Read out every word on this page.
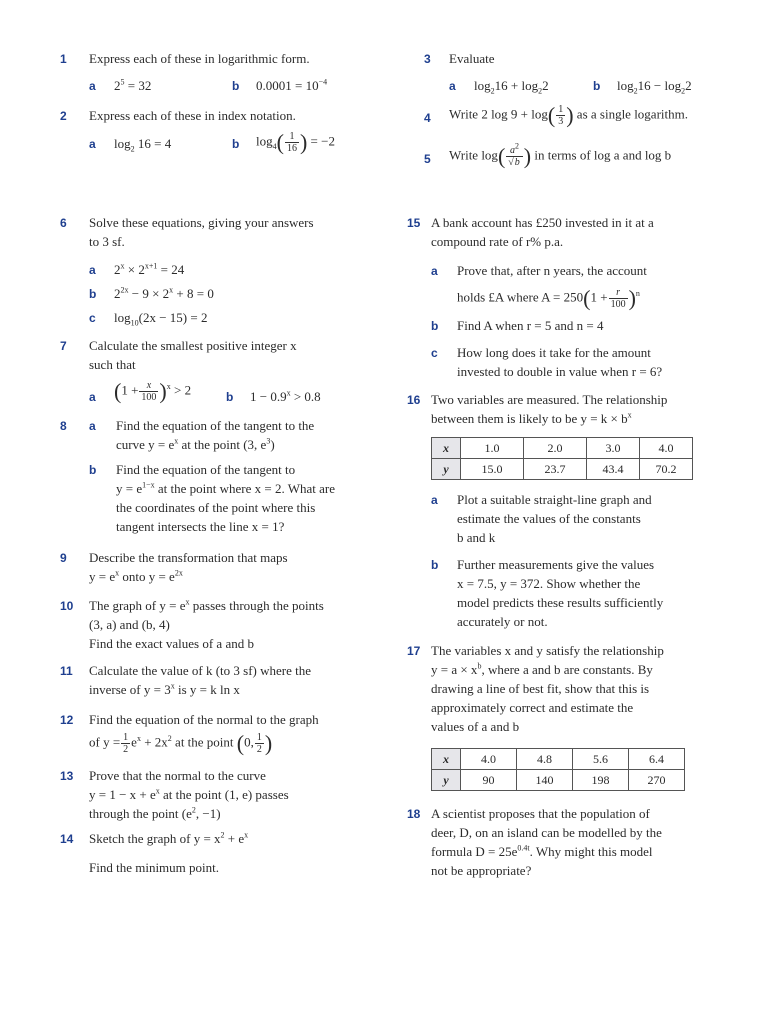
1 Express each of these in logarithmic form.
a $2^5 = 32$	b $0.0001 = 10^{-4}$
2 Express each of these in index notation.
a $\log_2 16 = 4$	b $\log_4( \frac{1}{16}$ ) = −2
3 Evaluate
a $\log_216 + \log_22$	b $\log_216 - \log_22$
4 Write 2 $\log 9 + \log( \frac{1}{3}$ ) as a single logarithm.
5 Write $\log( \frac{a^2}{√b}$ ) in terms of log a and log b
6 Solve these equations, giving your answers
to 3 sf.
a $2^x \times 2^{x+1} = 24$
b $2^{2x} - 9 \times 2^x + 8 = 0$
c $\log_{10}(2x - 15) = 2$
7 Calculate the smallest positive integer x
such that
a $(1 + \frac{x}{100} )^x > 2$	b $1 - 0.9^x > 0.8$
8 a Find the equation of the tangent to the
curve $y = e^x$ at the point (3, $e^3$)
b Find the equation of the tangent to
$y = e^{1-x}$ at the point where x = 2. What are
the coordinates of the point where this
tangent intersects the line x = 1?
9 Describe the transformation that maps
$y = e^x$ onto $y = e^{2x}$
10 The graph of $y = e^x$ passes through the points
(3, a) and (b, 4)
Find the exact values of a and b
11 Calculate the value of k (to 3 sf) where the
inverse of $y = 3^x$ is y = k ln x
12 Find the equation of the normal to the graph
of $y = \frac{1}{2} e^x + 2x^2$ at the point (0, $\frac{1}{2}$ )
13 Prove that the normal to the curve
$y = 1 - x + e^x$ at the point (1, e) passes
through the point ($e^2$, −1)
14 Sketch the graph of $y = x^2 + e^x$
Find the minimum point.
15 A bank account has £250 invested in it at a
compound rate of r% p.a.
a Prove that, after n years, the account
holds £A where $A = 250(1 + \frac{r}{100} )^n$
b Find A when r = 5 and n = 4
c How long does it take for the amount
invested to double in value when r = 6?
16 Two variables are measured. The relationship
between them is likely to be $y = k \times b^x$
x	1.0	2.0	3.0	4.0
y	15.0	23.7	43.4	70.2
a Plot a suitable straight-line graph and
estimate the values of the constants
b and k
b Further measurements give the values
x = 7.5, y = 372. Show whether the
model predicts these results sufficiently
accurately or not.
17 The variables x and y satisfy the relationship
$y = a \times x^b$, where a and b are constants. By
drawing a line of best fit, show that this is
approximately correct and estimate the
values of a and b
x	4.0	4.8	5.6	6.4
y	90	140	198	270
18 A scientist proposes that the population of
deer, D, on an island can be modelled by the
formula $D = 25e^{0.4t}$. Why might this model
not be appropriate?
